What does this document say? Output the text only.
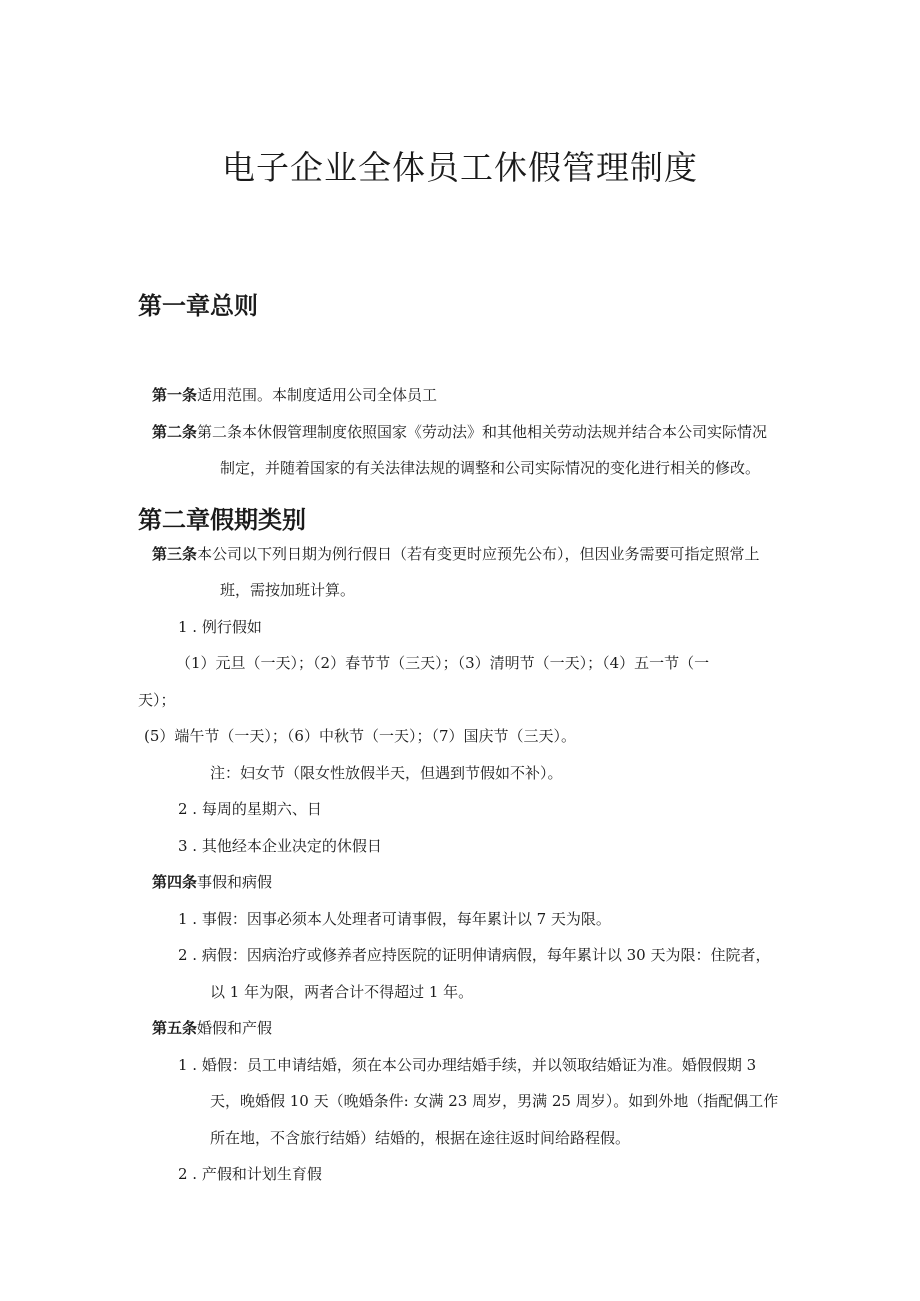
电子企业全体员工休假管理制度
第一章总则
第一条适用范围。本制度适用公司全体员工
第二条第二条本休假管理制度依照国家《劳动法》和其他相关劳动法规并结合本公司实际情况
制定，并随着国家的有关法律法规的调整和公司实际情况的变化进行相关的修改。
第二章假期类别
第三条本公司以下列日期为例行假日（若有变更时应预先公布），但因业务需要可指定照常上
班，需按加班计算。
1 . 例行假如
（1）元旦（一天）；（2）春节节（三天）；（3）清明节（一天）；（4）五一节（一
天）；
(5）端午节（一天）；（6）中秋节（一天）；（7）国庆节（三天）。
注：妇女节（限女性放假半天，但遇到节假如不补）。
2 . 每周的星期六、日
3 . 其他经本企业决定的休假日
第四条事假和病假
1 . 事假：因事必须本人处理者可请事假，每年累计以 7 天为限。
2 . 病假：因病治疗或修养者应持医院的证明伸请病假，每年累计以 30 天为限：住院者，
以 1 年为限，两者合计不得超过 1 年。
第五条婚假和产假
1 . 婚假：员工申请结婚，须在本公司办理结婚手续，并以领取结婚证为准。婚假假期 3
天，晚婚假 10 天（晚婚条件: 女满 23 周岁，男满 25 周岁）。如到外地（指配偶工作
所在地，不含旅行结婚）结婚的，根据在途往返时间给路程假。
2 . 产假和计划生育假
